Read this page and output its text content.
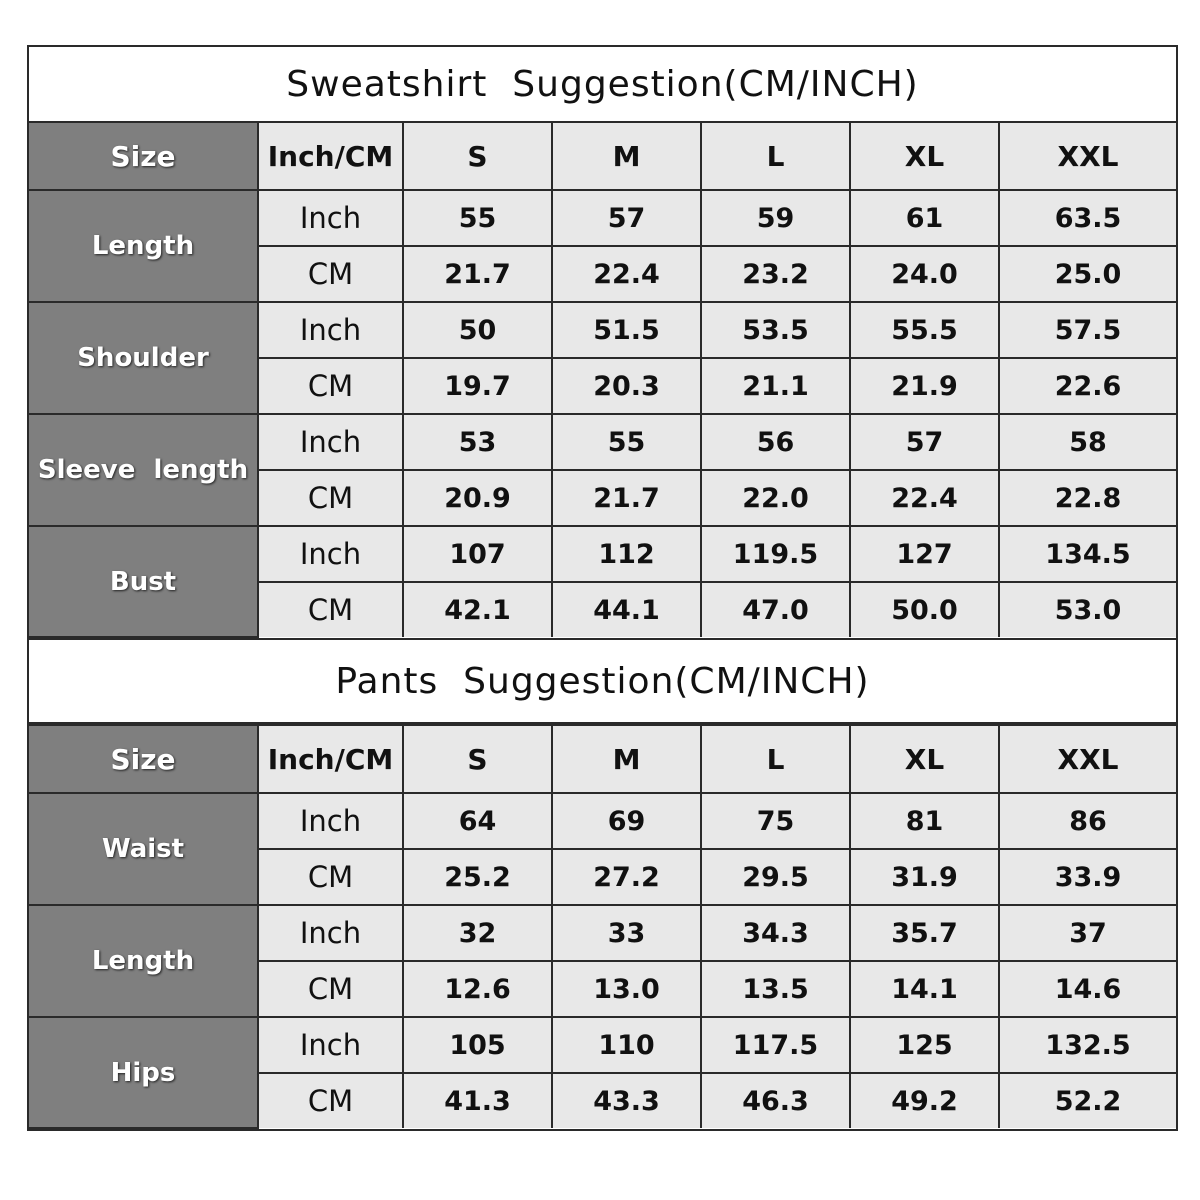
Sweatshirt  Suggestion(CM/INCH)
Size	Inch/CM	S	M	L	XL	XXL
Length	Inch	55	57	59	61	63.5
	CM	21.7	22.4	23.2	24.0	25.0
Shoulder	Inch	50	51.5	53.5	55.5	57.5
	CM	19.7	20.3	21.1	21.9	22.6
Sleeve  length	Inch	53	55	56	57	58
	CM	20.9	21.7	22.0	22.4	22.8
Bust	Inch	107	112	119.5	127	134.5
	CM	42.1	44.1	47.0	50.0	53.0
Pants  Suggestion(CM/INCH)
Size	Inch/CM	S	M	L	XL	XXL
Waist	Inch	64	69	75	81	86
	CM	25.2	27.2	29.5	31.9	33.9
Length	Inch	32	33	34.3	35.7	37
	CM	12.6	13.0	13.5	14.1	14.6
Hips	Inch	105	110	117.5	125	132.5
	CM	41.3	43.3	46.3	49.2	52.2
